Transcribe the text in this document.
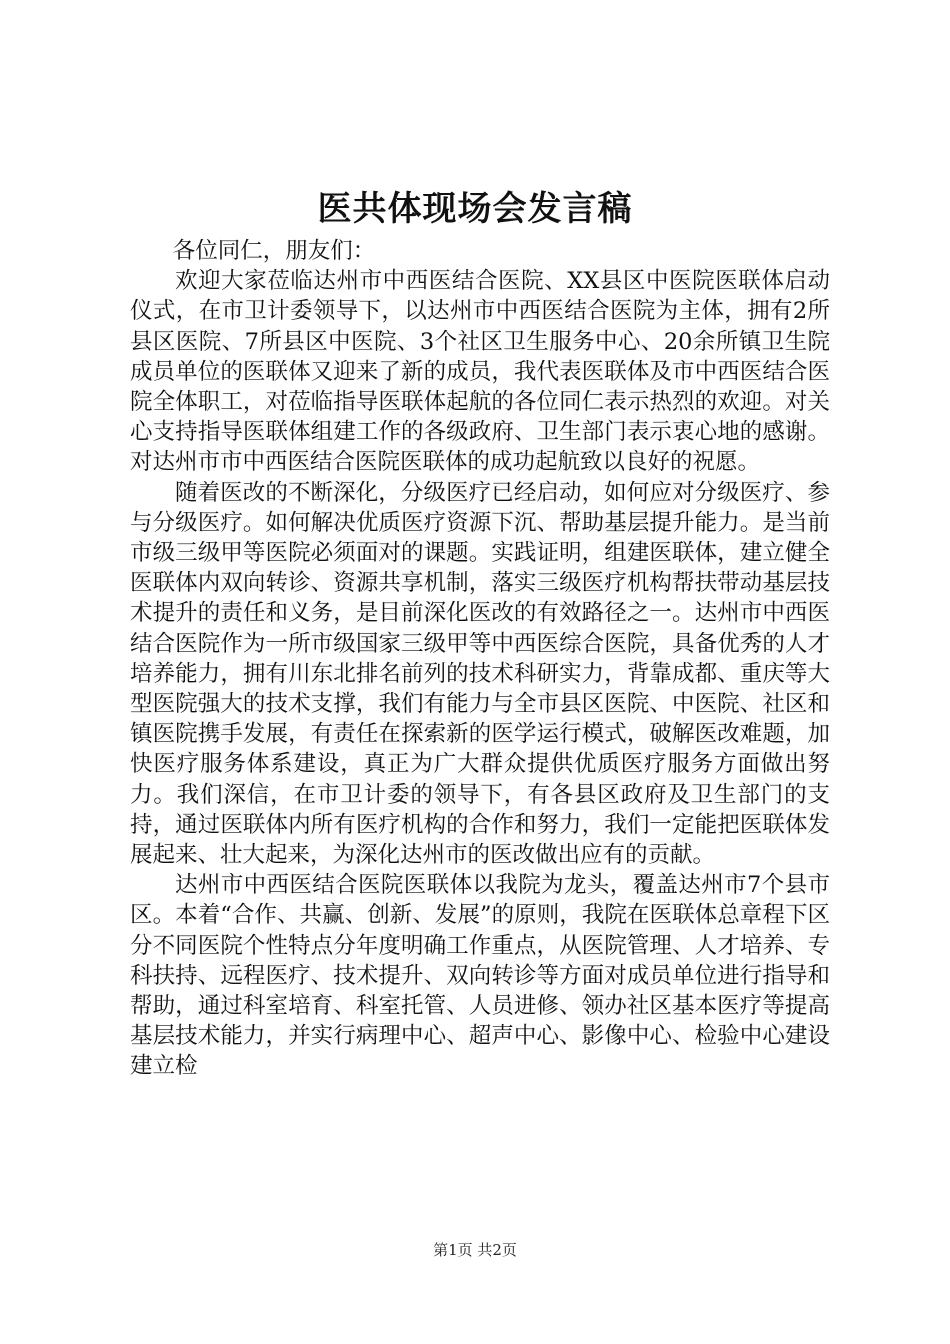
医共体现场会发言稿

各位同仁，朋友们：

欢迎大家莅临达州市中西医结合医院、XX县区中医院医联体启动仪式，在市卫计委领导下，以达州市中西医结合医院为主体，拥有2所县区医院、7所县区中医院、3个社区卫生服务中心、20余所镇卫生院成员单位的医联体又迎来了新的成员，我代表医联体及市中西医结合医院全体职工，对莅临指导医联体起航的各位同仁表示热烈的欢迎。对关心支持指导医联体组建工作的各级政府、卫生部门表示衷心地的感谢。对达州市市中西医结合医院医联体的成功起航致以良好的祝愿。

随着医改的不断深化，分级医疗已经启动，如何应对分级医疗、参与分级医疗。如何解决优质医疗资源下沉、帮助基层提升能力。是当前市级三级甲等医院必须面对的课题。实践证明，组建医联体，建立健全医联体内双向转诊、资源共享机制，落实三级医疗机构帮扶带动基层技术提升的责任和义务，是目前深化医改的有效路径之一。达州市中西医结合医院作为一所市级国家三级甲等中西医综合医院，具备优秀的人才培养能力，拥有川东北排名前列的技术科研实力，背靠成都、重庆等大型医院强大的技术支撑，我们有能力与全市县区医院、中医院、社区和镇医院携手发展，有责任在探索新的医学运行模式，破解医改难题，加快医疗服务体系建设，真正为广大群众提供优质医疗服务方面做出努力。我们深信，在市卫计委的领导下，有各县区政府及卫生部门的支持，通过医联体内所有医疗机构的合作和努力，我们一定能把医联体发展起来、壮大起来，为深化达州市的医改做出应有的贡献。

达州市中西医结合医院医联体以我院为龙头，覆盖达州市7个县市区。本着“合作、共赢、创新、发展”的原则，我院在医联体总章程下区分不同医院个性特点分年度明确工作重点，从医院管理、人才培养、专科扶持、远程医疗、技术提升、双向转诊等方面对成员单位进行指导和帮助，通过科室培育、科室托管、人员进修、领办社区基本医疗等提高基层技术能力，并实行病理中心、超声中心、影像中心、检验中心建设建立检

第1页 共2页
